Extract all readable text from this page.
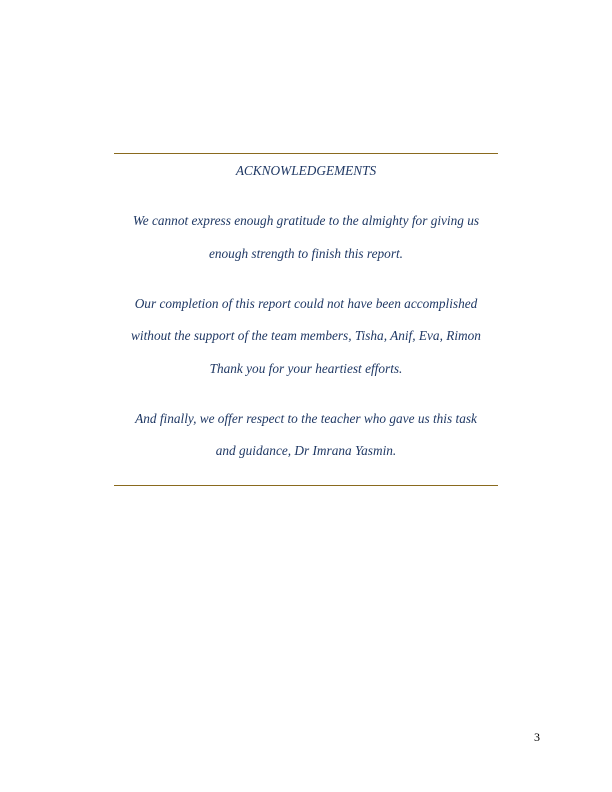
ACKNOWLEDGEMENTS
We cannot express enough gratitude to the almighty for giving us
enough strength to finish this report.
Our completion of this report could not have been accomplished
without the support of the team members, Tisha, Anif, Eva, Rimon
Thank you for your heartiest efforts.
And finally, we offer respect to the teacher who gave us this task
and guidance, Dr Imrana Yasmin.
3
